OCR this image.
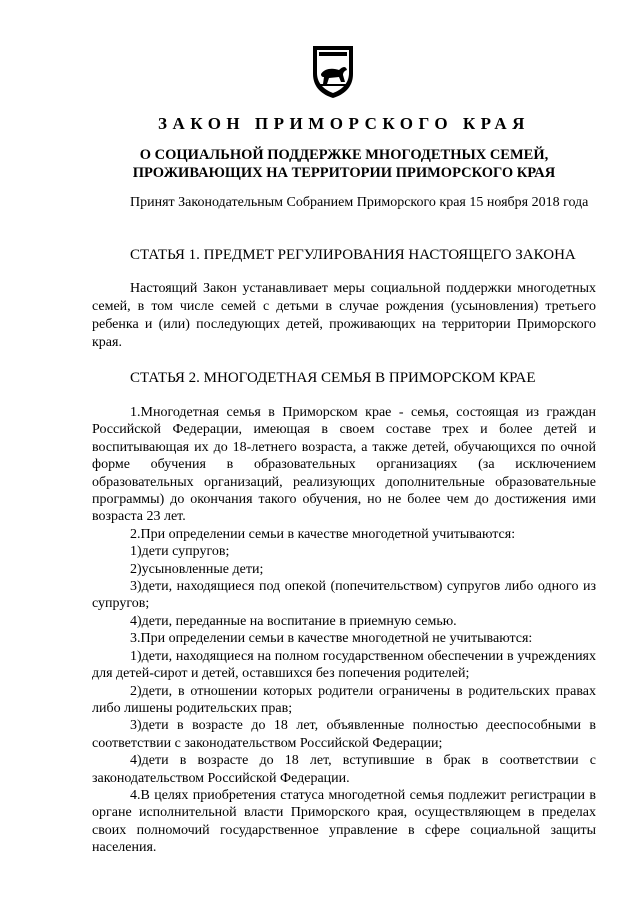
ЗАКОН ПРИМОРСКОГО КРАЯ
О СОЦИАЛЬНОЙ ПОДДЕРЖКЕ МНОГОДЕТНЫХ СЕМЕЙ,
ПРОЖИВАЮЩИХ НА ТЕРРИТОРИИ ПРИМОРСКОГО КРАЯ
Принят Законодательным Собранием Приморского края 15 ноября 2018 года
СТАТЬЯ 1. ПРЕДМЕТ РЕГУЛИРОВАНИЯ НАСТОЯЩЕГО ЗАКОНА
Настоящий Закон устанавливает меры социальной поддержки многодетных семей, в том числе семей с детьми в случае рождения (усыновления) третьего ребенка и (или) последующих детей, проживающих на территории Приморского края.
СТАТЬЯ 2. МНОГОДЕТНАЯ СЕМЬЯ В ПРИМОРСКОМ КРАЕ

1.Многодетная семья в Приморском крае - семья, состоящая из граждан Российской Федерации, имеющая в своем составе трех и более детей и воспитывающая их до 18-летнего возраста, а также детей, обучающихся по очной форме обучения в образовательных организациях (за исключением образовательных организаций, реализующих дополнительные образовательные программы) до окончания такого обучения, но не более чем до достижения ими возраста 23 лет.

2.При определении семьи в качестве многодетной учитываются:

1)дети супругов;

2)усыновленные дети;

3)дети, находящиеся под опекой (попечительством) супругов либо одного из супругов;

4)дети, переданные на воспитание в приемную семью.

3.При определении семьи в качестве многодетной не учитываются:

1)дети, находящиеся на полном государственном обеспечении в учреждениях для детей-сирот и детей, оставшихся без попечения родителей;

2)дети, в отношении которых родители ограничены в родительских правах либо лишены родительских прав;

3)дети в возрасте до 18 лет, объявленные полностью дееспособными в соответствии с законодательством Российской Федерации;

4)дети в возрасте до 18 лет, вступившие в брак в соответствии с законодательством Российской Федерации.

4.В целях приобретения статуса многодетной семья подлежит регистрации в органе исполнительной власти Приморского края, осуществляющем в пределах своих полномочий государственное управление в сфере социальной защиты населения.
